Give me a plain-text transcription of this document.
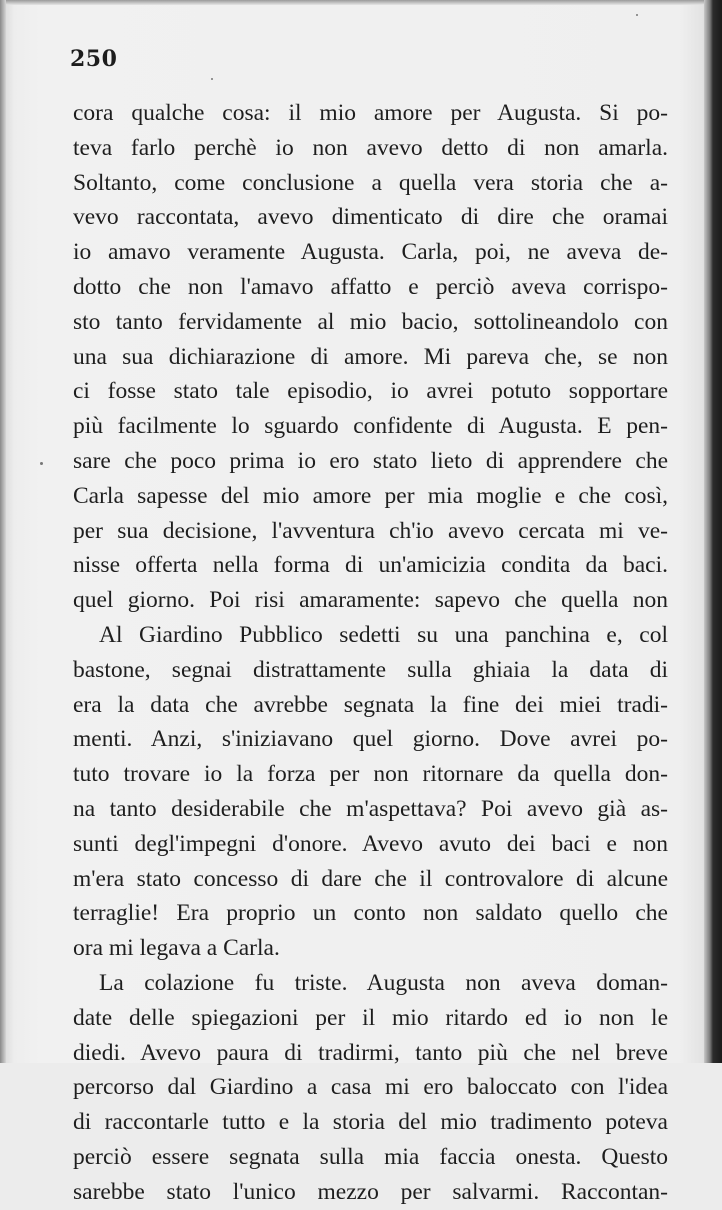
250
cora qualche cosa: il mio amore per Augusta. Si po-
teva farlo perchè io non avevo detto di non amarla.
Soltanto, come conclusione a quella vera storia che a-
vevo raccontata, avevo dimenticato di dire che oramai
io amavo veramente Augusta. Carla, poi, ne aveva de-
dotto che non l'amavo affatto e perciò aveva corrispo-
sto tanto fervidamente al mio bacio, sottolineandolo con
una sua dichiarazione di amore. Mi pareva che, se non
ci fosse stato tale episodio, io avrei potuto sopportare
più facilmente lo sguardo confidente di Augusta. E pen-
sare che poco prima io ero stato lieto di apprendere che
Carla sapesse del mio amore per mia moglie e che così,
per sua decisione, l'avventura ch'io avevo cercata mi ve-
nisse offerta nella forma di un'amicizia condita da baci.
quel giorno. Poi risi amaramente: sapevo che quella non
Al Giardino Pubblico sedetti su una panchina e, col
bastone, segnai distrattamente sulla ghiaia la data di
era la data che avrebbe segnata la fine dei miei tradi-
menti. Anzi, s'iniziavano quel giorno. Dove avrei po-
tuto trovare io la forza per non ritornare da quella don-
na tanto desiderabile che m'aspettava? Poi avevo già as-
sunti degl'impegni d'onore. Avevo avuto dei baci e non
m'era stato concesso di dare che il controvalore di alcune
terraglie! Era proprio un conto non saldato quello che
ora mi legava a Carla.
La colazione fu triste. Augusta non aveva doman-
date delle spiegazioni per il mio ritardo ed io non le
diedi. Avevo paura di tradirmi, tanto più che nel breve
percorso dal Giardino a casa mi ero baloccato con l'idea
di raccontarle tutto e la storia del mio tradimento poteva
perciò essere segnata sulla mia faccia onesta. Questo
sarebbe stato l'unico mezzo per salvarmi. Raccontan-
